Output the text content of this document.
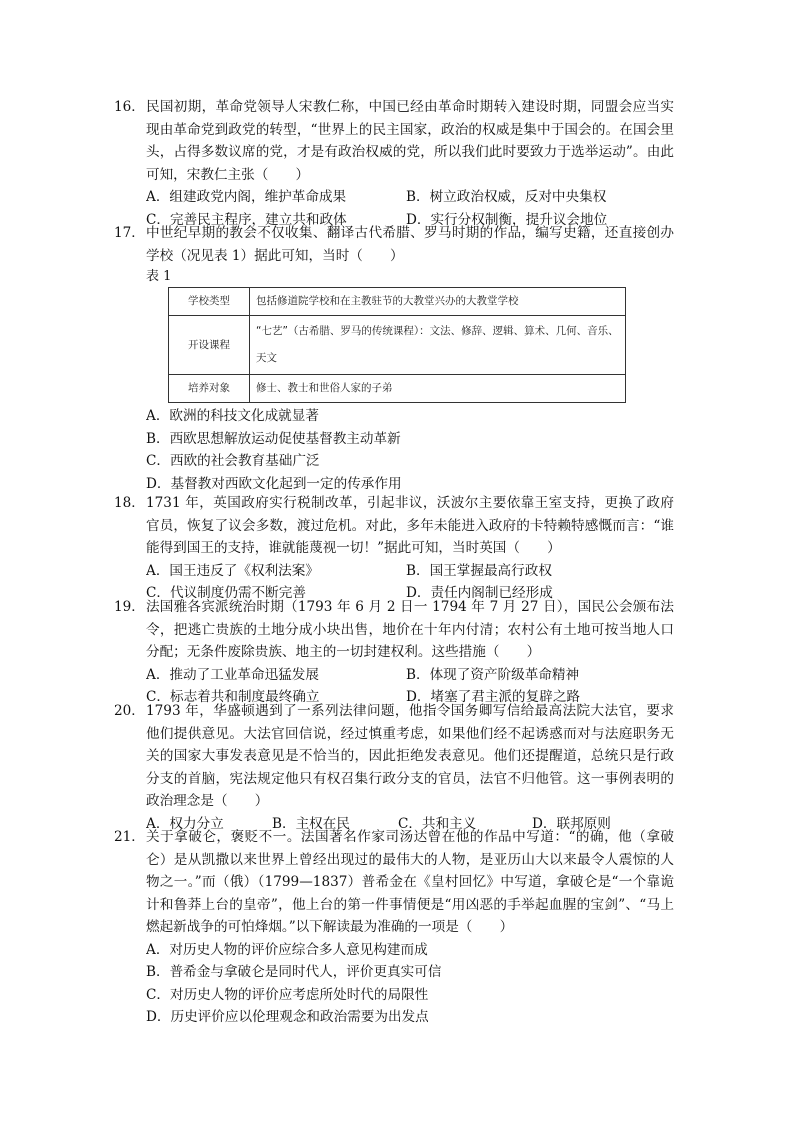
16． 民国初期，革命党领导人宋教仁称，中国已经由革命时期转入建设时期，同盟会应当实现由革命党到政党的转型，“世界上的民主国家，政治的权威是集中于国会的。在国会里头，占得多数议席的党，才是有政治权威的党，所以我们此时要致力于选举运动”。由此可知，宋教仁主张（　　）

A．组建政党内阁，维护革命成果	B．树立政治权威，反对中央集权
C．完善民主程序，建立共和政体	D．实行分权制衡，提升议会地位
17． 中世纪早期的教会不仅收集、翻译古代希腊、罗马时期的作品，编写史籍，还直接创办学校（况见表 1）据此可知，当时（　　）

表 1

学校类型	包括修道院学校和在主教驻节的大教堂兴办的大教堂学校
开设课程	“七艺”（古希腊、罗马的传统课程）：文法、修辞、逻辑、算术、几何、音乐、天文
培养对象	修士、教士和世俗人家的子弟
A．欧洲的科技文化成就显著
B．西欧思想解放运动促使基督教主动革新
C．西欧的社会教育基础广泛
D．基督教对西欧文化起到一定的传承作用
18． 1731 年，英国政府实行税制改革，引起非议，沃波尔主要依靠王室支持，更换了政府官员，恢复了议会多数，渡过危机。对此，多年未能进入政府的卡特赖特感慨而言：“谁能得到国王的支持，谁就能蔑视一切！”据此可知，当时英国（　　）

A．国王违反了《权利法案》	B．国王掌握最高行政权
C．代议制度仍需不断完善	D．责任内阁制已经形成
19． 法国雅各宾派统治时期（1793 年 6 月 2 日一 1794 年 7 月 27 日），国民公会颁布法令，把逃亡贵族的土地分成小块出售，地价在十年内付清；农村公有土地可按当地人口分配；无条件废除贵族、地主的一切封建权利。这些措施（　　）

A．推动了工业革命迅猛发展	B．体现了资产阶级革命精神
C．标志着共和制度最终确立	D．堵塞了君主派的复辟之路
20． 1793 年，华盛顿遇到了一系列法律问题，他指令国务卿写信给最高法院大法官，要求他们提供意见。大法官回信说，经过慎重考虑，如果他们经不起诱惑而对与法庭职务无关的国家大事发表意见是不恰当的，因此拒绝发表意见。他们还提醒道，总统只是行政分支的首脑，宪法规定他只有权召集行政分支的官员，法官不归他管。这一事例表明的政治理念是（　　）

A．权力分立	B．主权在民	C．共和主义	D．联邦原则
21． 关于拿破仑，褒贬不一。法国著名作家司汤达曾在他的作品中写道：“的确，他（拿破仑）是从凯撒以来世界上曾经出现过的最伟大的人物，是亚历山大以来最令人震惊的人物之一。”而（俄）（1799—1837）普希金在《皇村回忆》中写道，拿破仑是“一个靠诡计和鲁莽上台的皇帝”，他上台的第一件事情便是“用凶恶的手举起血腥的宝剑”、“马上燃起新战争的可怕烽烟。”以下解读最为准确的一项是（　　）

A．对历史人物的评价应综合多人意见构建而成
B．普希金与拿破仑是同时代人，评价更真实可信
C．对历史人物的评价应考虑所处时代的局限性
D．历史评价应以伦理观念和政治需要为出发点
